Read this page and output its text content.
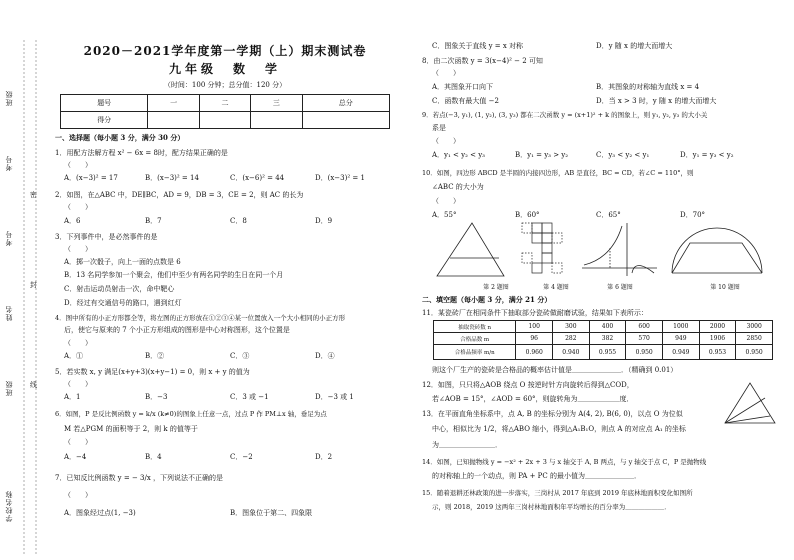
班级
考号
考号
姓名
班级
学校名称
密
封
线
2020－2021学年度第一学期（上）期末测试卷
九年级　数　学
（时间：100 分钟；总分值：120 分）
题号	一	二	三	总分
得分				
一、选择题（每小题 3 分，满分 30 分）
1．用配方法解方程 x² − 6x = 8时，配方结果正确的是
（　　）
A．(x−3)² = 17	B．(x−3)² = 14	C．(x−6)² = 44	D．(x−3)² = 1
2．如图，在△ABC 中，DE∥BC，AD = 9，DB = 3，CE = 2，则 AC 的长为
（　　）
A．6	B．7	C．8	D．9
3．下列事件中，是必然事件的是
（　　）
A．掷一次骰子，向上一面的点数是 6
B．13 名同学参加一个聚会，他们中至少有两名同学的生日在同一个月
C．射击运动员射击一次，命中靶心
D．经过有交通信号的路口，遇到红灯
4．图中所有的小正方形都全等，将左图的正方形放在①②③④某一位置放入一个大小相同的小正方形
后，使它与原来的 7 个小正方形组成的图形是中心对称图形，这个位置是
（　　）
A．①	B．②	C．③	D．④
5．若实数 x, y 满足(x+y+3)(x+y−1) = 0，则 x + y 的值为
（　　）
A．1	B．−3	C．3 或 −1	D．−3 或 1
6．如图，P 是反比例函数 y = k/x (k≠0)的图象上任意一点，过点 P 作 PM⊥x 轴，垂足为点
M 若△PGM 的面积等于 2，则 k 的值等于
（　　）
A．−4	B．4	C．−2	D．2
7．已知反比例函数 y = − 3/x ，下列说法不正确的是
（　　）
A．图象经过点(1, −3)	B．图象位于第二、四象限
C．图象关于直线 y = x 对称	D．y 随 x 的增大而增大
8．由二次函数 y = 3(x−4)² − 2 可知
（　　）
A．其图象开口向下	B．其图象的对称轴为直线 x = 4
C．函数有最大值 −2	D．当 x > 3 时，y 随 x 的增大而增大
9．若点(−3, y₁), (1, y₂), (3, y₃) 都在二次函数 y = (x+1)² + k 的图象上，则 y₁, y₂, y₃ 的大小关
系是
（　　）
A．y₁ < y₂ < y₃	B．y₁ = y₃ > y₂	C．y₃ < y₂ < y₁	D．y₁ = y₃ < y₂
10．如图，四边形 ABCD 是半圆的内接四边形，AB 是直径，BC = CD，若∠C = 110°，则
∠ABC 的大小为
（　　）
A．55°	B．60°	C．65°	D．70°
第 2 题图	第 4 题图	第 6 题图	第 10 题图
二、填空题（每小题 3 分，满分 21 分）
11．某瓷砖厂在相同条件下抽取部分瓷砖做耐磨试验，结果如下表所示：
抽取瓷砖数 n	100	300	400	600	1000	2000	3000
合格品数 m	96	282	382	570	949	1906	2850
合格品频率 m/n	0.960	0.940	0.955	0.950	0.949	0.953	0.950
则这个厂生产的瓷砖是合格品的概率估计值是＿＿＿＿＿＿＿．（精确到 0.01）
12．如图，只只将△AOB 绕点 O 按逆时针方向旋转后得到△COD，
若∠AOB = 15°，∠AOD = 60°，则旋转角为＿＿＿＿＿＿度．
13．在平面直角坐标系中，点 A, B 的坐标分别为 A(4, 2), B(6, 0)，以点 O 为位似
中心，相似比为 1/2，将△ABO 缩小，得到△A₁B₁O，则点 A 的对应点 A₁ 的坐标
为＿＿＿＿＿＿＿＿．
14．如图，已知抛物线 y = −x² + 2x + 3 与 x 轴交于 A, B 两点，与 y 轴交于点 C，P 是抛物线
的对称轴上的一个动点，则 PA + PC 的最小值为＿＿＿＿＿＿＿．
15．随着退耕还林政策的进一步落实，三岗村从 2017 年底到 2019 年底林地面积变化如图所
示，则 2018，2019 这两年三岗村林地面积年平均增长的百分率为＿＿＿＿＿＿．
